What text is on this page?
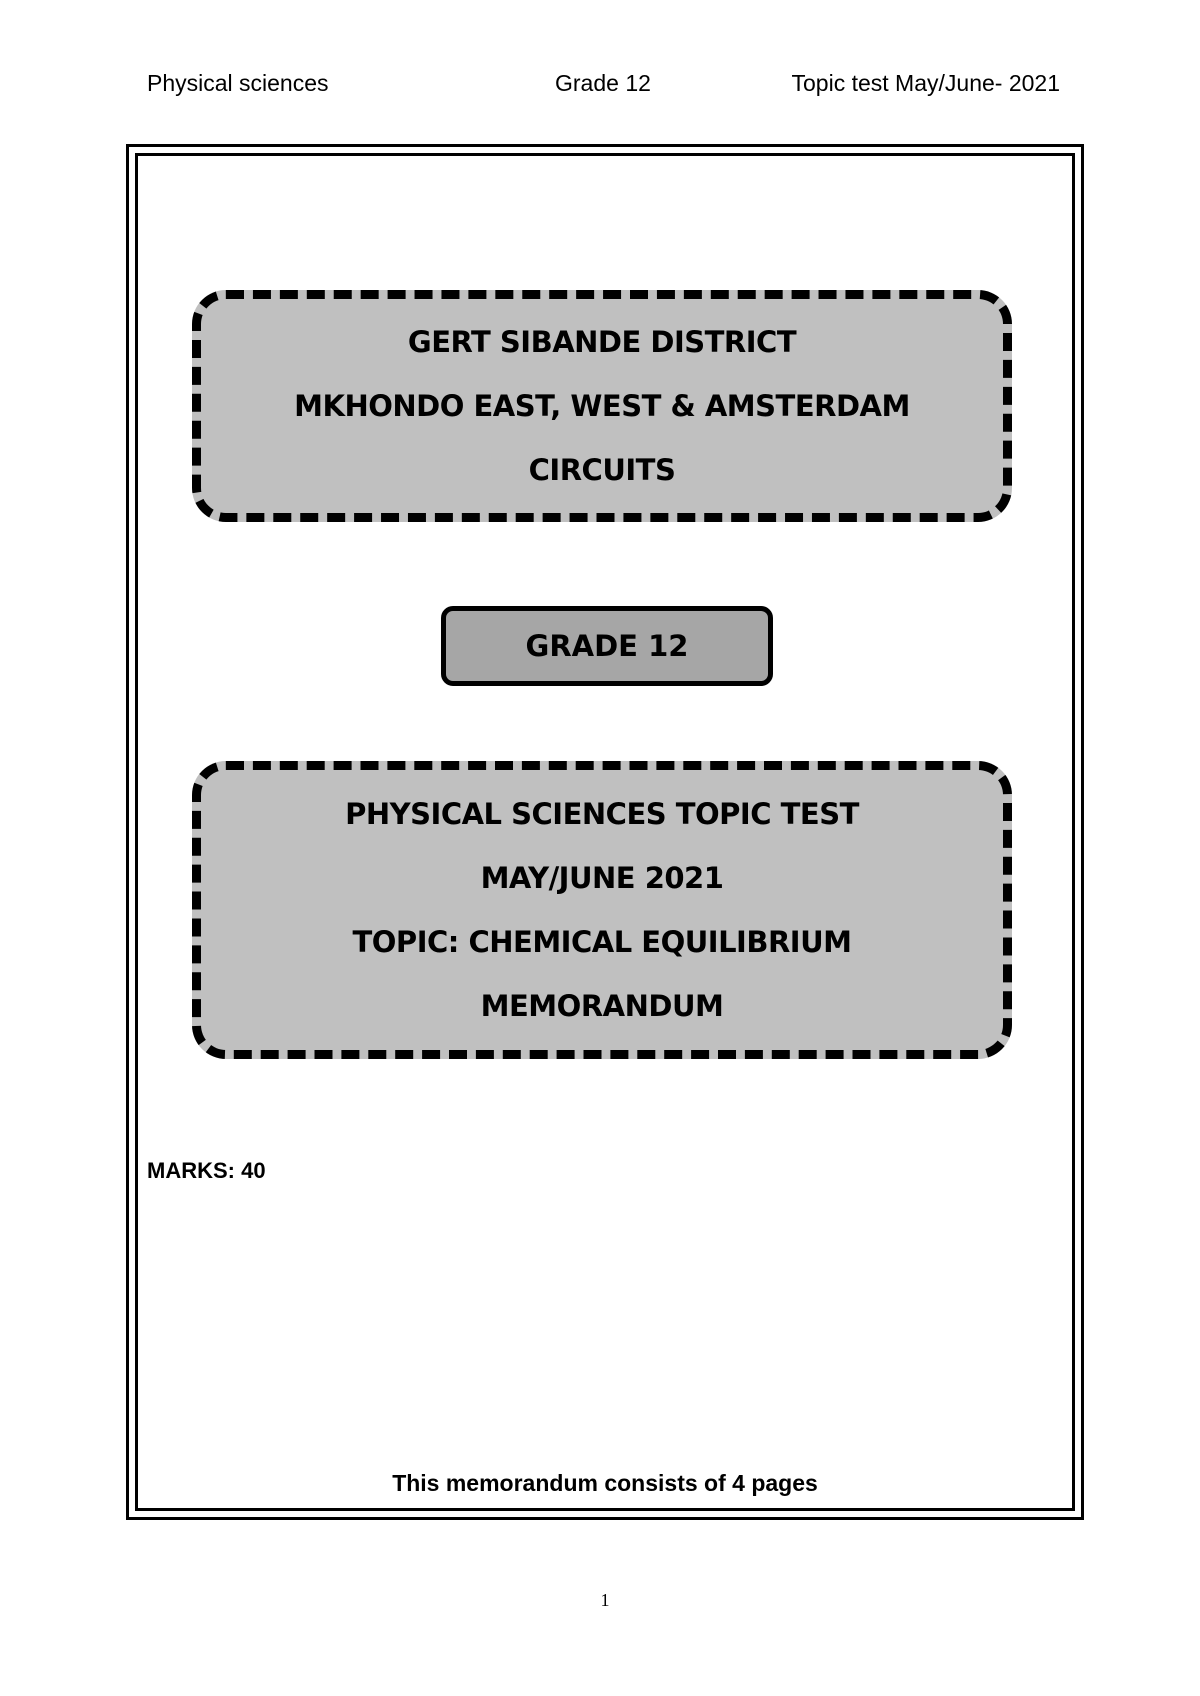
Physical sciences	Grade 12	Topic test May/June- 2021
GERT SIBANDE DISTRICT
MKHONDO EAST, WEST & AMSTERDAM
CIRCUITS
GRADE 12
PHYSICAL SCIENCES TOPIC TEST
MAY/JUNE 2021
TOPIC: CHEMICAL EQUILIBRIUM
MEMORANDUM
MARKS: 40
This memorandum consists of 4 pages
1
